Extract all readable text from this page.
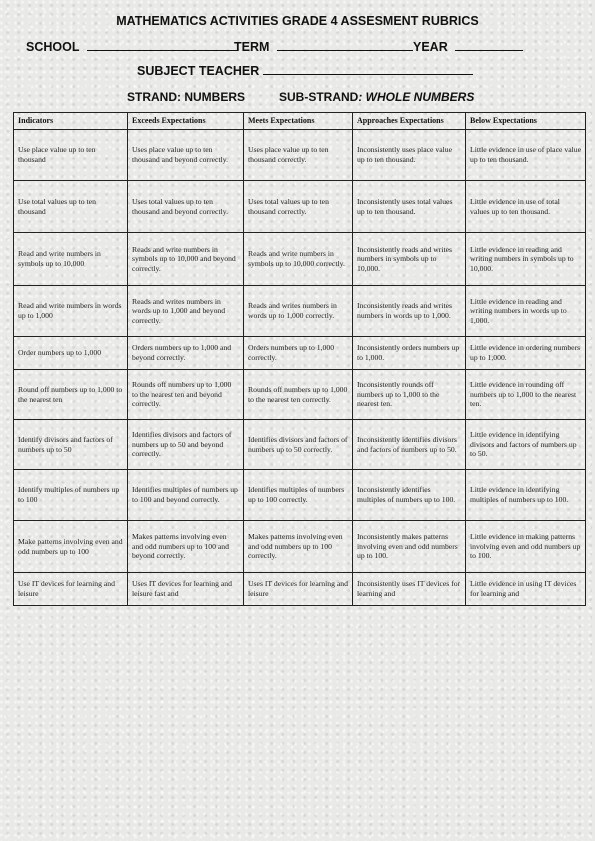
MATHEMATICS ACTIVITIES GRADE 4 ASSESMENT RUBRICS
SCHOOL	TERM	YEAR
SUBJECT TEACHER
STRAND: NUMBERS	SUB-STRAND: WHOLE NUMBERS
Indicators	Exceeds Expectations	Meets Expectations	Approaches Expectations	Below Expectations
Use place value up to ten thousand	Uses place value up to ten thousand and beyond correctly.	Uses place value up to ten thousand correctly.	Inconsistently uses place value up to ten thousand.	Little evidence in use of place value up to ten thousand.
Use total values up to ten thousand	Uses total values up to ten thousand and beyond correctly.	Uses total values up to ten thousand correctly.	Inconsistently uses total values up to ten thousand.	Little evidence in use of total values up to ten thousand.
Read and write numbers in symbols up to 10,000	Reads and write numbers in symbols up to 10,000 and beyond correctly.	Reads and write numbers in symbols up to 10,000 correctly.	Inconsistently reads and writes numbers in symbols up to 10,000.	Little evidence in reading and writing numbers in symbols up to 10,000.
Read and write numbers in words up to 1,000	Reads and writes numbers in words up to 1,000 and beyond correctly.	Reads and writes numbers in words up to 1,000 correctly.	Inconsistently reads and writes numbers in words up to 1,000.	Little evidence in reading and writing numbers in words up to 1,000.
Order numbers up to 1,000	Orders numbers up to 1,000 and beyond correctly.	Orders numbers up to 1,000 correctly.	Inconsistently orders numbers up to 1,000.	Little evidence in ordering numbers up to 1,000.
Round off numbers up to 1,000 to the nearest ten	Rounds off numbers up to 1,000 to the nearest ten and beyond correctly.	Rounds off numbers up to 1,000 to the nearest ten correctly.	Inconsistently rounds off numbers up to 1,000 to the nearest ten.	Little evidence in rounding off numbers up to 1,000 to the nearest ten.
Identify divisors and factors of numbers up to 50	Identifies divisors and factors of numbers up to 50 and beyond correctly.	Identifies divisors and factors of numbers up to 50 correctly.	Inconsistently identifies divisors and factors of numbers up to 50.	Little evidence in identifying divisors and factors of numbers up to 50.
Identify multiples of numbers up to 100	Identifies multiples of numbers up to 100 and beyond correctly.	Identifies multiples of numbers up to 100 correctly.	Inconsistently identifies multiples of numbers up to 100.	Little evidence in identifying multiples of numbers up to 100.
Make patterns involving even and odd numbers up to 100	Makes patterns involving even and odd numbers up to 100 and beyond correctly.	Makes patterns involving even and odd numbers up to 100 correctly.	Inconsistently makes patterns involving even and odd numbers up to 100.	Little evidence in making patterns involving even and odd numbers up to 100.
Use IT devices for learning and leisure	Uses IT devices for learning and leisure fast and	Uses IT devices for learning and leisure	Inconsistently uses IT devices for learning and	Little evidence in using IT devices for learning and
